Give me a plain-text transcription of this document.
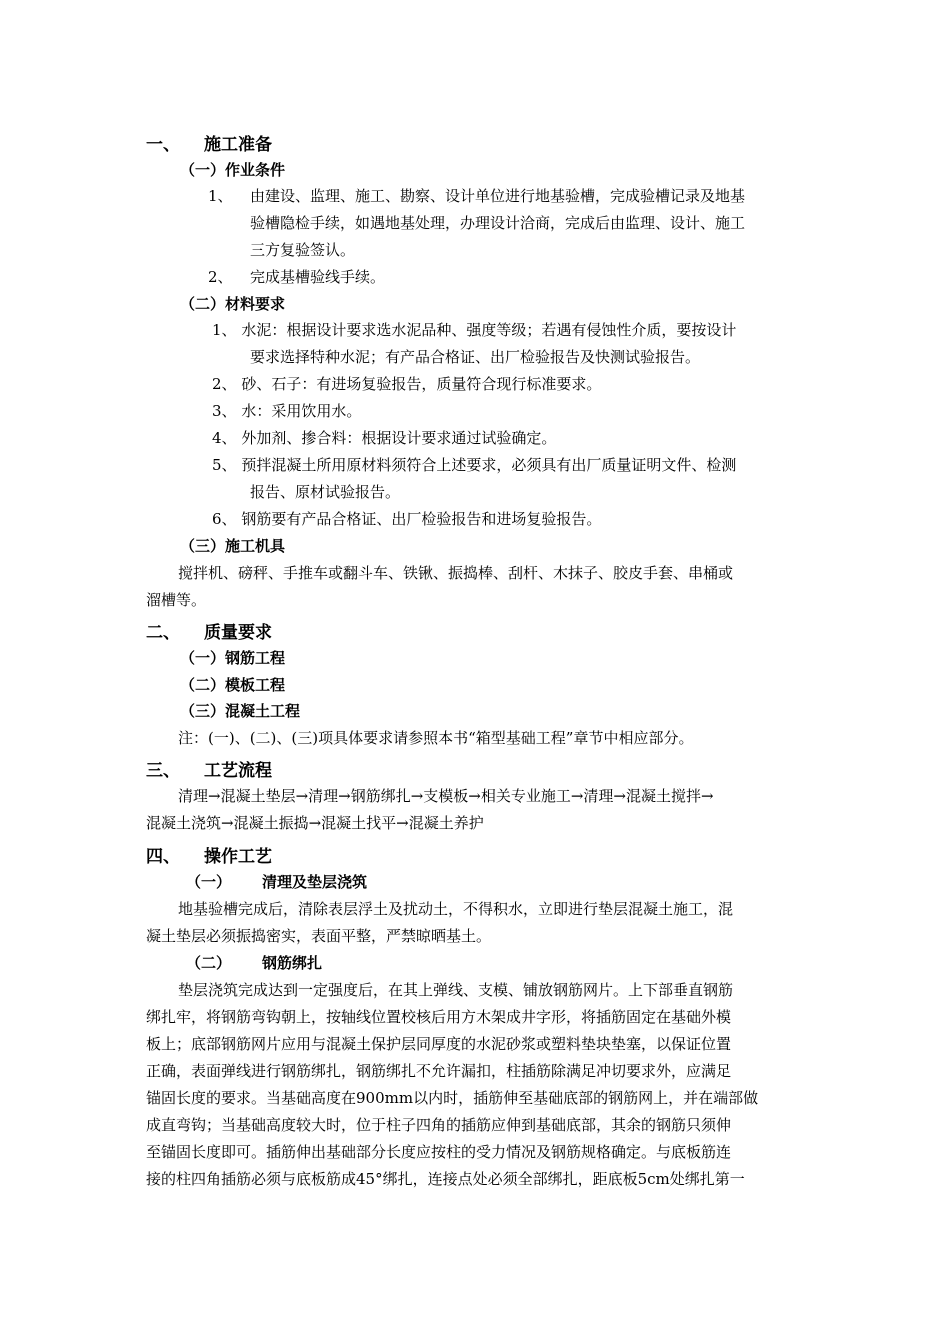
一、 施工准备
（一）作业条件
1、 由建设、监理、施工、勘察、设计单位进行地基验槽，完成验槽记录及地基
验槽隐检手续，如遇地基处理，办理设计洽商，完成后由监理、设计、施工
三方复验签认。
2、 完成基槽验线手续。
（二）材料要求
1、 水泥：根据设计要求选水泥品种、强度等级；若遇有侵蚀性介质，要按设计
要求选择特种水泥；有产品合格证、出厂检验报告及快测试验报告。
2、 砂、石子：有进场复验报告，质量符合现行标准要求。
3、 水：采用饮用水。
4、 外加剂、掺合料：根据设计要求通过试验确定。
5、 预拌混凝土所用原材料须符合上述要求，必须具有出厂质量证明文件、检测
报告、原材试验报告。
6、 钢筋要有产品合格证、出厂检验报告和进场复验报告。
（三）施工机具
搅拌机、磅秤、手推车或翻斗车、铁锹、振捣棒、刮杆、木抹子、胶皮手套、串桶或
溜槽等。
二、 质量要求
（一）钢筋工程
（二）模板工程
（三）混凝土工程
注：(一)、(二)、(三)项具体要求请参照本书“箱型基础工程”章节中相应部分。
三、 工艺流程
清理→混凝土垫层→清理→钢筋绑扎→支模板→相关专业施工→清理→混凝土搅拌→
混凝土浇筑→混凝土振捣→混凝土找平→混凝土养护
四、 操作工艺
（一） 清理及垫层浇筑
地基验槽完成后，清除表层浮土及扰动土，不得积水，立即进行垫层混凝土施工，混
凝土垫层必须振捣密实，表面平整，严禁晾晒基土。
（二） 钢筋绑扎
垫层浇筑完成达到一定强度后，在其上弹线、支模、铺放钢筋网片。上下部垂直钢筋
绑扎牢，将钢筋弯钩朝上，按轴线位置校核后用方木架成井字形，将插筋固定在基础外模
板上；底部钢筋网片应用与混凝土保护层同厚度的水泥砂浆或塑料垫块垫塞，以保证位置
正确，表面弹线进行钢筋绑扎，钢筋绑扎不允许漏扣，柱插筋除满足冲切要求外，应满足
锚固长度的要求。当基础高度在900mm以内时，插筋伸至基础底部的钢筋网上，并在端部做
成直弯钩；当基础高度较大时，位于柱子四角的插筋应伸到基础底部，其余的钢筋只须伸
至锚固长度即可。插筋伸出基础部分长度应按柱的受力情况及钢筋规格确定。与底板筋连
接的柱四角插筋必须与底板筋成45°绑扎，连接点处必须全部绑扎，距底板5cm处绑扎第一
